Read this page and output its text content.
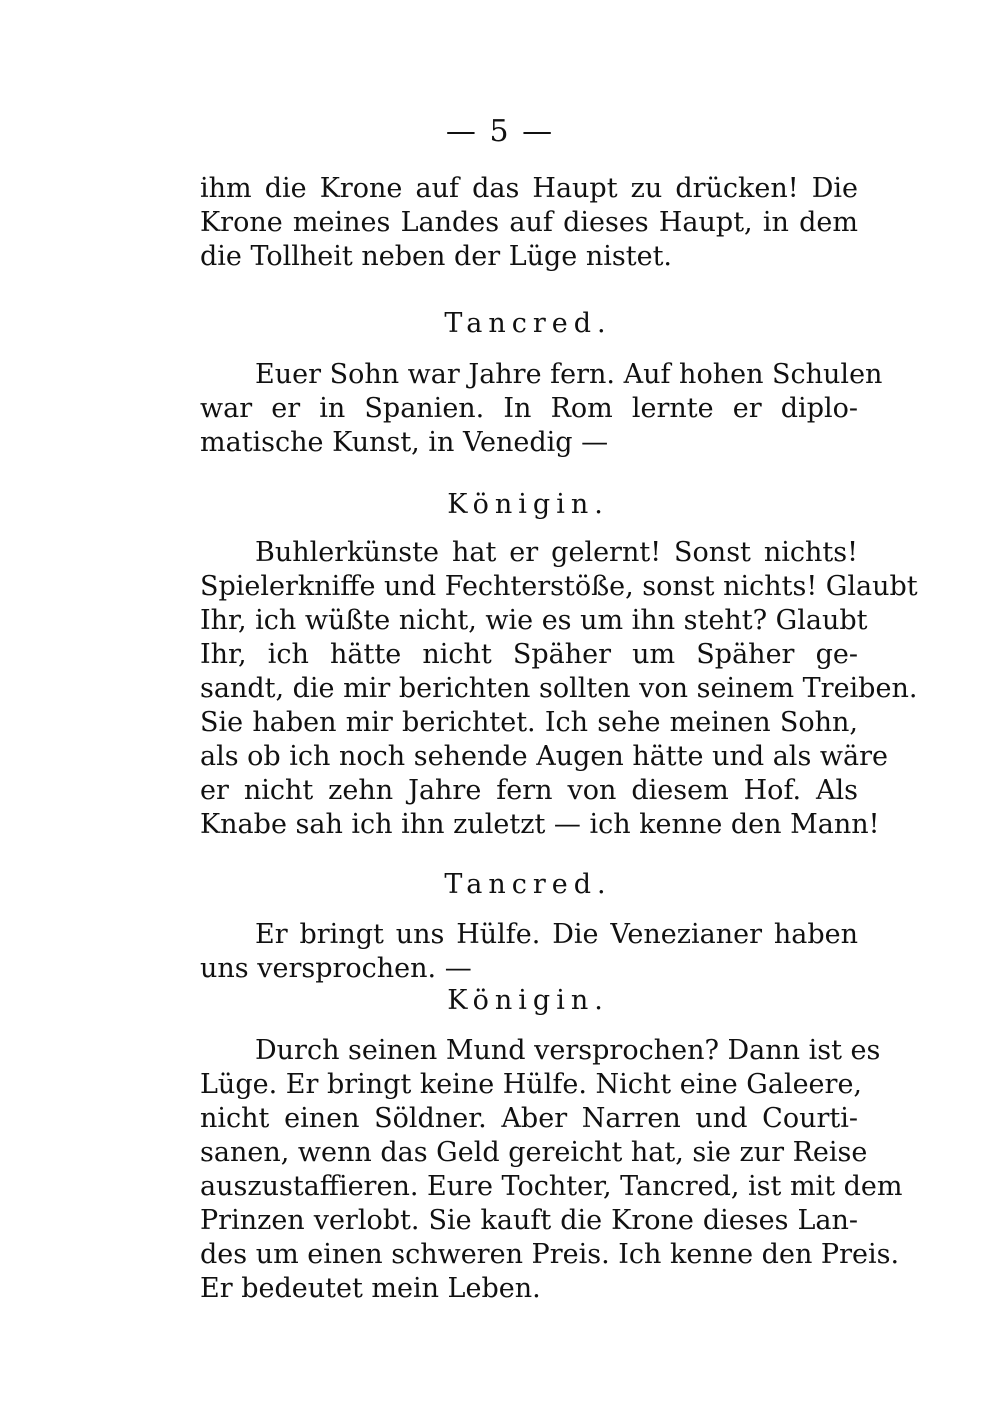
— 5 —
ihm die Krone auf das Haupt zu drücken! Die
Krone meines Landes auf dieses Haupt, in dem
die Tollheit neben der Lüge nistet.
Tancred.
Euer Sohn war Jahre fern. Auf hohen Schulen
war er in Spanien. In Rom lernte er diplo-
matische Kunst, in Venedig —
Königin.
Buhlerkünste hat er gelernt! Sonst nichts!
Spielerkniffe und Fechterstöße, sonst nichts! Glaubt
Ihr, ich wüßte nicht, wie es um ihn steht? Glaubt
Ihr, ich hätte nicht Späher um Späher ge-
sandt, die mir berichten sollten von seinem Treiben.
Sie haben mir berichtet. Ich sehe meinen Sohn,
als ob ich noch sehende Augen hätte und als wäre
er nicht zehn Jahre fern von diesem Hof. Als
Knabe sah ich ihn zuletzt — ich kenne den Mann!
Tancred.
Er bringt uns Hülfe. Die Venezianer haben
uns versprochen. —
Königin.
Durch seinen Mund versprochen? Dann ist es
Lüge. Er bringt keine Hülfe. Nicht eine Galeere,
nicht einen Söldner. Aber Narren und Courti-
sanen, wenn das Geld gereicht hat, sie zur Reise
auszustaffieren. Eure Tochter, Tancred, ist mit dem
Prinzen verlobt. Sie kauft die Krone dieses Lan-
des um einen schweren Preis. Ich kenne den Preis.
Er bedeutet mein Leben.
